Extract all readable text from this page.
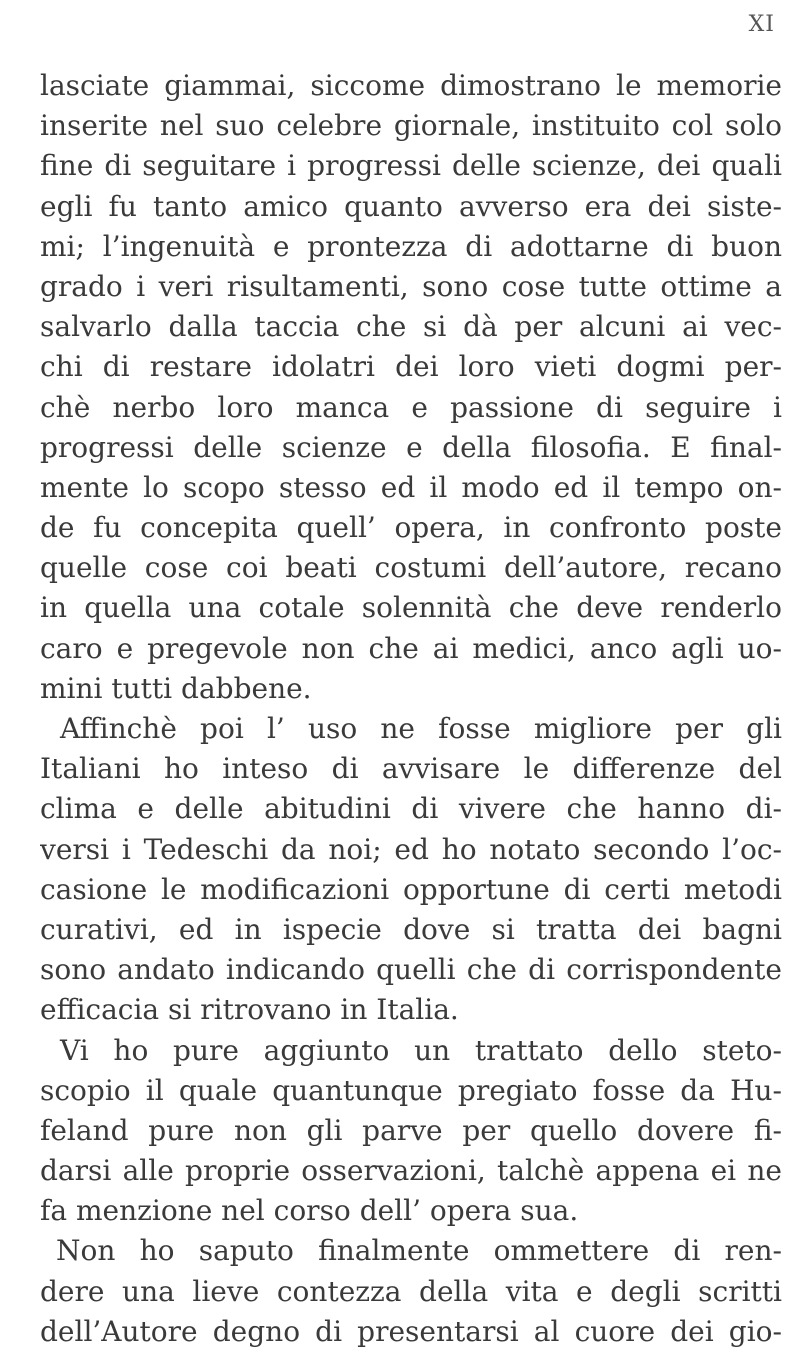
XI
lasciate giammai, siccome dimostrano le memorie
inserite nel suo celebre giornale, instituito col solo
fine di seguitare i progressi delle scienze, dei quali
egli fu tanto amico quanto avverso era dei siste-
mi; l’ingenuità e prontezza di adottarne di buon
grado i veri risultamenti, sono cose tutte ottime a
salvarlo dalla taccia che si dà per alcuni ai vec-
chi di restare idolatri dei loro vieti dogmi per-
chè nerbo loro manca e passione di seguire i
progressi delle scienze e della filosofia. E final-
mente lo scopo stesso ed il modo ed il tempo on-
de fu concepita quell’ opera, in confronto poste
quelle cose coi beati costumi dell’autore, recano
in quella una cotale solennità che deve renderlo
caro e pregevole non che ai medici, anco agli uo-
mini tutti dabbene.
Affinchè poi l’ uso ne fosse migliore per gli
Italiani ho inteso di avvisare le differenze del
clima e delle abitudini di vivere che hanno di-
versi i Tedeschi da noi; ed ho notato secondo l’oc-
casione le modificazioni opportune di certi metodi
curativi, ed in ispecie dove si tratta dei bagni
sono andato indicando quelli che di corrispondente
efficacia si ritrovano in Italia.
Vi ho pure aggiunto un trattato dello steto-
scopio il quale quantunque pregiato fosse da Hu-
feland pure non gli parve per quello dovere fi-
darsi alle proprie osservazioni, talchè appena ei ne
fa menzione nel corso dell’ opera sua.
Non ho saputo finalmente ommettere di ren-
dere una lieve contezza della vita e degli scritti
dell’Autore degno di presentarsi al cuore dei gio-
